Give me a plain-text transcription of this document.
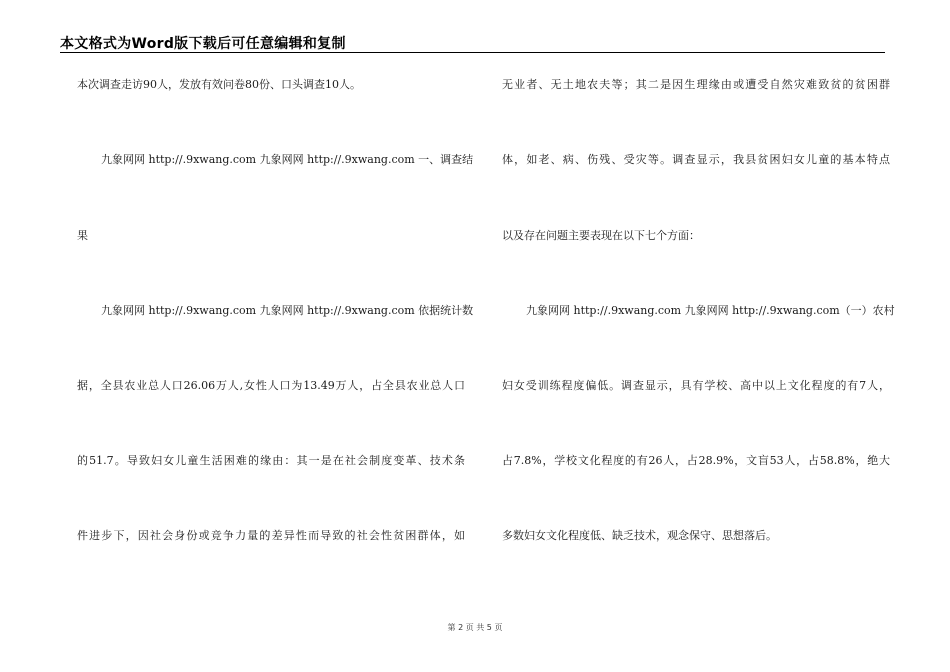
本文格式为Word版下载后可任意编辑和复制
本次调查走访90人，发放有效问卷80份、口头调查10人。
九象网网 http://.9xwang.com 九象网网 http://.9xwang.com 一、调查结
果
九象网网 http://.9xwang.com 九象网网 http://.9xwang.com 依据统计数
据，全县农业总人口26.06万人,女性人口为13.49万人，占全县农业总人口
的51.7。导致妇女儿童生活困难的缘由：其一是在社会制度变革、技术条
件进步下，因社会身份或竞争力量的差异性而导致的社会性贫困群体，如
无业者、无土地农夫等；其二是因生理缘由或遭受自然灾难致贫的贫困群
体，如老、病、伤残、受灾等。调查显示，我县贫困妇女儿童的基本特点
以及存在问题主要表现在以下七个方面：
九象网网 http://.9xwang.com 九象网网 http://.9xwang.com（一）农村
妇女受训练程度偏低。调查显示，具有学校、高中以上文化程度的有7人，
占7.8%，学校文化程度的有26人，占28.9%，文盲53人，占58.8%，绝大
多数妇女文化程度低、缺乏技术，观念保守、思想落后。
第 2 页 共 5 页
